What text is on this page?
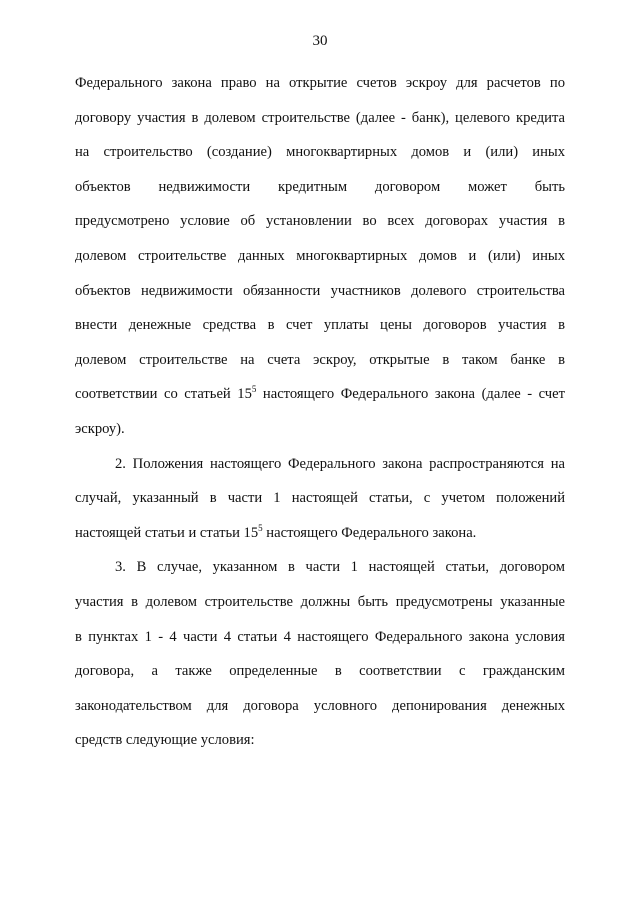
30
Федерального закона право на открытие счетов эскроу для расчетов по
договору участия в долевом строительстве (далее - банк), целевого кредита
на строительство (создание) многоквартирных домов и (или) иных
объектов недвижимости кредитным договором может быть
предусмотрено условие об установлении во всех договорах участия в
долевом строительстве данных многоквартирных домов и (или) иных
объектов недвижимости обязанности участников долевого строительства
внести денежные средства в счет уплаты цены договоров участия в
долевом строительстве на счета эскроу, открытые в таком банке в
соответствии со статьей $15^5$ настоящего Федерального закона (далее - счет
эскроу).
2. Положения настоящего Федерального закона распространяются на
случай, указанный в части 1 настоящей статьи, с учетом положений
настоящей статьи и статьи $15^5$ настоящего Федерального закона.
3. В случае, указанном в части 1 настоящей статьи, договором
участия в долевом строительстве должны быть предусмотрены указанные
в пунктах 1 - 4 части 4 статьи 4 настоящего Федерального закона условия
договора, а также определенные в соответствии с гражданским
законодательством для договора условного депонирования денежных
средств следующие условия:
